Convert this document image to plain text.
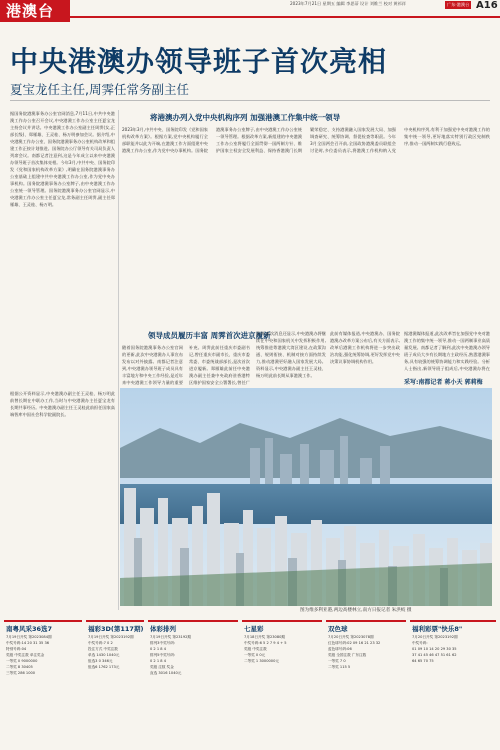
港澳台	2023年7月21日 星期五 编辑 李思蒂 设计 刘维兰 校对 黄祁祥	广东·港澳台 A16
中央港澳办领导班子首次亮相
夏宝龙任主任,周霁任常务副主任
据国务院港澳事务办公室官网消息,7月11日,中共中央港澳工作办公室召开会议,中央港澳工作办公室主任夏宝龙主持会议并讲话。中央港澳工作办公室副主任周霁(女,正部长级)、郑雁雄、王灵桂、杨万明参加会议。据介绍,中央港澳工作办公室、国务院港澳事务办公室机构改革和组建工作正按计划推进。国务院办公厅领导有关司局负责人列席会议。南都记者注意到,这是今年成立以来中央港澳办领导班子首次集体亮相。今年3月,中共中央、国务院印发《党和国家机构改革方案》,明确在国务院港澳事务办公室基础上组建中共中央港澳工作办公室,作为党中央办事机构。国务院港澳事务办公室牌子,由中央港澳工作办公室统一领导管理。国务院港澳事务办公室官网显示,中央港澳工作办公室主任夏宝龙,常务副主任周霁,副主任郑雁雄、王灵桂、杨万明。
根据公开资料显示,中央港澳办副主任王灵桂、杨万明此前曾长期在中联办工作,当时与中央港澳办主任夏宝龙有长期共事经历。中央港澳办副主任王灵桂此前担任国家高端智库中国社会科学院副院长。
将港澳办列入党中央机构序列 加强港澳工作集中统一领导
2023年3月,中共中央、国务院印发《党和国家机构改革方案》。根据方案,党中央机构履行全部职能并以此为开端,在港澳工作方面组建中央港澳工作办公室,作为党中央办事机构。国务院港澳事务办公室牌子,由中央港澳工作办公室统一领导管理。根据改革方案,新组建的中央港澳工作办公室将履行全面贯彻一国两制方针、维护国家主权安全发展利益、保持香港澳门长期繁荣稳定、支持港澳融入国家发展大局、加强调查研究、统筹协调、督促检查等职责。今年3月全国两会召开前,全国政协港澳委员联组会讨论时,多位委员表示,将港澳工作机构纳入党中央机构序列,有利于加强党中央对港澳工作的集中统一领导,更好地落实特别行政区宪制秩序,推动一国两制实践行稳致远。
领导成员履历丰富 周霁首次进京履新
随着国务院港澳事务办公室官网的更新,此次中央港澳办人事宣布发布以对外披露。南都记者注意到,中央港澳办领导班子成员具有丰富地方和中央工作经验,是近年来中央港澳工作领导力量的重要补充。周霁此前任重庆市委副书记,曾任重庆市副市长、重庆市委常委、市委统战部部长,是次首次进京履新。郑雁雄此前任中央港澳办副主任兼中央政府驻香港特区维护国家安全公署署长,曾任广
此外,此次消息还显示,中央港澳办将继续在中央和国家机关中发挥积极作用,统筹推进粤港澳大湾区建设,在政策沟通、规则衔接、机制对接方面持续发力,推动港澳更好融入国家发展大局。资料显示,中央港澳办副主任王灵桂、杨万明此前长期从事港澳工作。
此前有媒体报道,中央港澳办、国务院港澳办改革方案公布后,有关方面表示,改革后港澳工作机构将进一步突出政治功能,强化统筹协调,更好发挥党中央决策议事协调机构作用。
据港澳媒体报道,此次改革旨在加强党中央对港澳工作的集中统一领导,推动一国两制事业高质量发展。南都记者了解到,此次中央港澳办领导班子成员大多有长期地方主政经历,熟悉港澳事务,具有较强的统筹协调能力和实践经验。分析人士指出,新领导班子组成后,中央港澳办将在
采写:南都记者 蒋小天 郭莉梅
图为维多利亚港,两边高楼林立,南方日报记者 朱洪蛟 摄
南粤风采36选7
7月19日开奖 第2023084期
中奖号码:14 20 31 35 36
特别号码:04
奖级 中奖注数 单注奖金
一等奖 0 9000000
二等奖 8 30405
三等奖 286 1000
福彩3D(第117期)
7月19日开奖 第2023192期
中奖号码:7 0 2
投注方式 中奖注数
单选 1430 1040元
组选3 0 346元
组选6 1762 173元
体彩排列
7月19日开奖 第23192期
排列3中奖号码:
0 2 1 8 4
排列5中奖号码:
0 2 1 8 4
奖级 注数 奖金
直选 3016 1040元
七星彩
7月18日开奖 第23080期
中奖号码:6 5 2 7 9 4 + 5
奖级 中奖注数
一等奖 0 0元
二等奖 1 3000000元
双色球
7月20日开奖 第2023078期
红色球号码:02 09 16 21 23 32
蓝色球号码:06
奖级 全国注数 广东注数
一等奖 7 0
二等奖 115 5
福利彩票"快乐8"
7月20日开奖 第2023192期
中奖号码:
01 09 10 14 20 29 30 35
37 41 45 46 47 51 61 62
64 65 70 75
